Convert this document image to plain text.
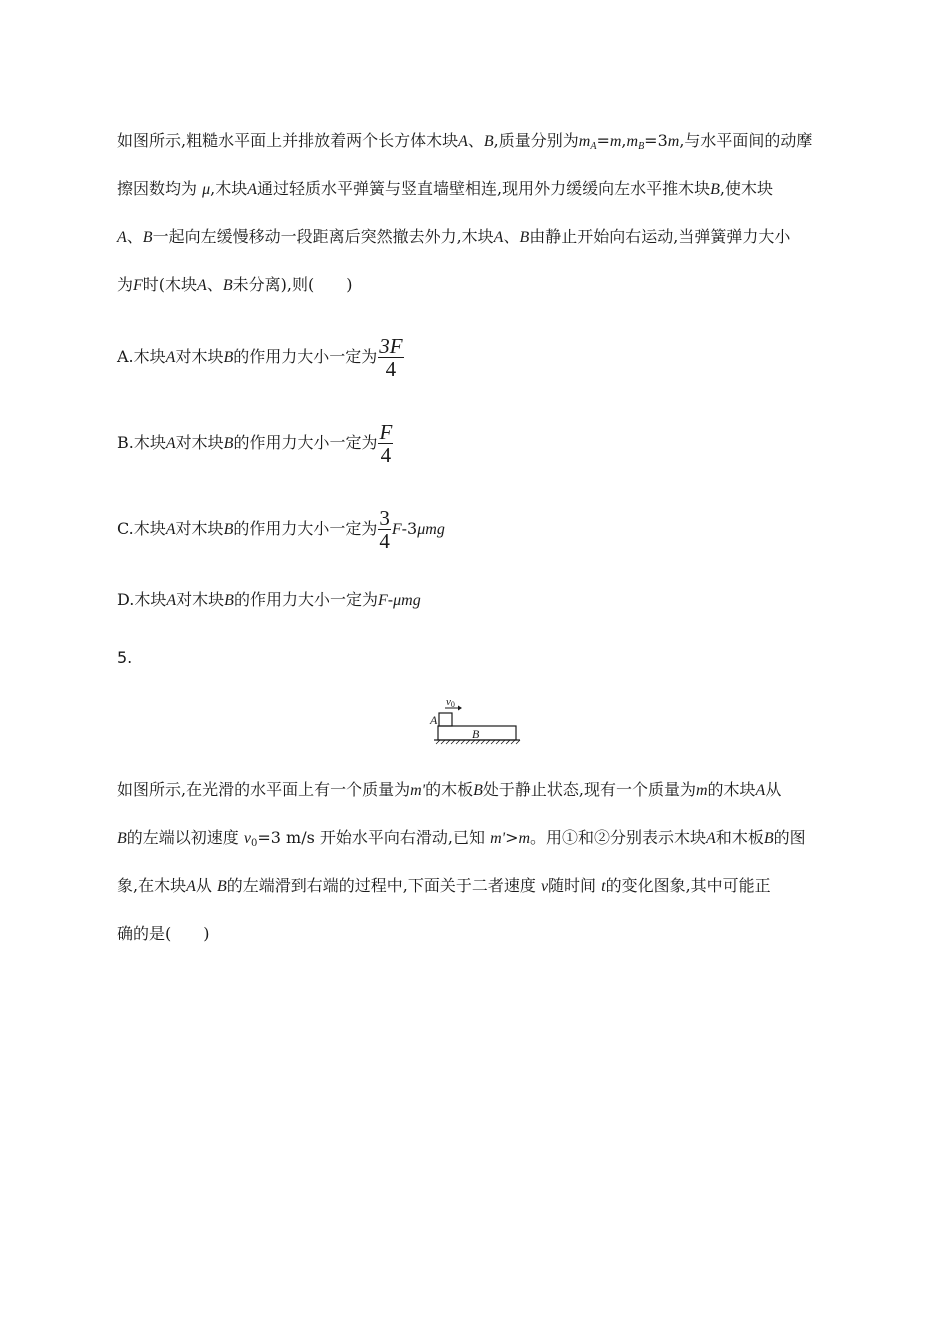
如图所示,粗糙水平面上并排放着两个长方体木块A、B,质量分别为$m_A=m,m_B=3m$,与水平面间的动摩
擦因数均为 μ,木块A通过轻质水平弹簧与竖直墙壁相连,现用外力缓缓向左水平推木块B,使木块
A、B一起向左缓慢移动一段距离后突然撤去外力,木块A、B由静止开始向右运动,当弹簧弹力大小
为F时(木块A、B未分离),则(　　)
A.木块A对木块B的作用力大小一定为 $\frac{3F}{4}$
B.木块A对木块B的作用力大小一定为 $\frac{F}{4}$
C.木块A对木块B的作用力大小一定为 $\frac{3}{4} F-3\mu mg$
D.木块A对木块B的作用力大小一定为F-μmg
5.
v0
A
B
如图所示,在光滑的水平面上有一个质量为m'的木板B处于静止状态,现有一个质量为m的木块A从
B的左端以初速度 $v_0=3$ m/s 开始水平向右滑动,已知 m'>m。用①和②分别表示木块A和木板B的图
象,在木块A从 B的左端滑到右端的过程中,下面关于二者速度 v随时间 t的变化图象,其中可能正
确的是(　　)
